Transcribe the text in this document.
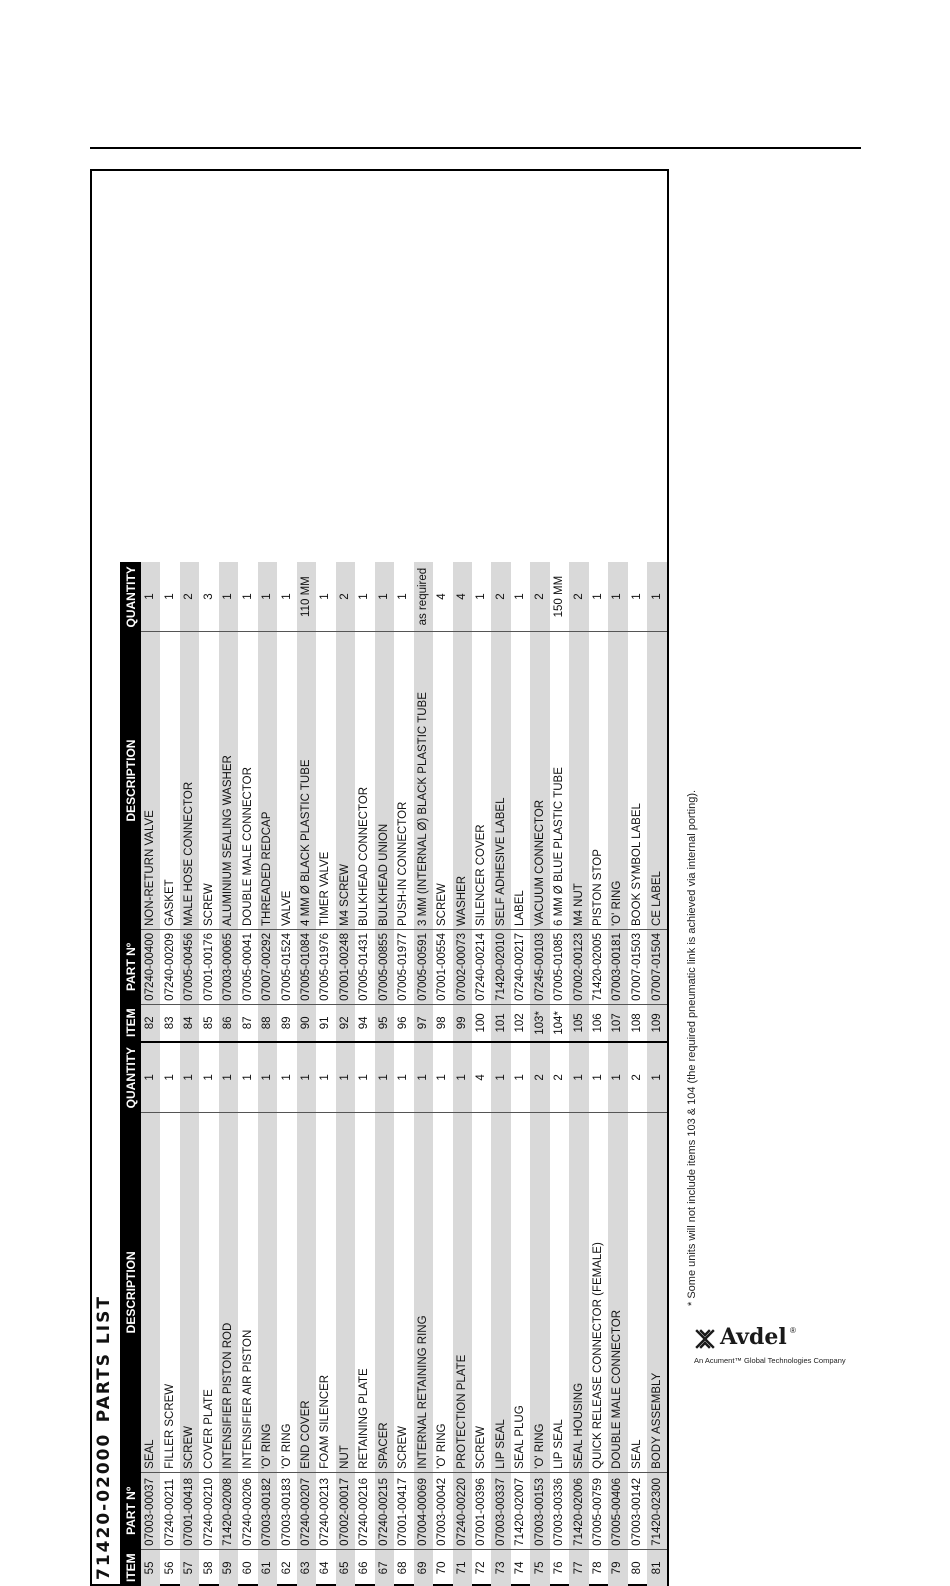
71420-02000 PARTS LIST
ITEM	PART Nº	DESCRIPTION	QUANTITY
55	07003-00037	SEAL	1
56	07240-00211	FILLER SCREW	1
57	07001-00418	SCREW	1
58	07240-00210	COVER PLATE	1
59	71420-02008	INTENSIFIER PISTON ROD	1
60	07240-00206	INTENSIFIER AIR PISTON	1
61	07003-00182	'O' RING	1
62	07003-00183	'O' RING	1
63	07240-00207	END COVER	1
64	07240-00213	FOAM SILENCER	1
65	07002-00017	NUT	1
66	07240-00216	RETAINING PLATE	1
67	07240-00215	SPACER	1
68	07001-00417	SCREW	1
69	07004-00069	INTERNAL RETAINING RING	1
70	07003-00042	'O' RING	1
71	07240-00220	PROTECTION PLATE	1
72	07001-00396	SCREW	4
73	07003-00337	LIP SEAL	1
74	71420-02007	SEAL PLUG	1
75	07003-00153	'O' RING	2
76	07003-00336	LIP SEAL	2
77	71420-02006	SEAL HOUSING	1
78	07005-00759	QUICK RELEASE CONNECTOR (FEMALE)	1
79	07005-00406	DOUBLE MALE CONNECTOR	1
80	07003-00142	SEAL	2
81	71420-02300	BODY ASSEMBLY	1
ITEM	PART Nº	DESCRIPTION	QUANTITY
82	07240-00400	NON-RETURN VALVE	1
83	07240-00209	GASKET	1
84	07005-00456	MALE HOSE CONNECTOR	2
85	07001-00176	SCREW	3
86	07003-00065	ALUMINIUM SEALING WASHER	1
87	07005-00041	DOUBLE MALE CONNECTOR	1
88	07007-00292	THREADED REDCAP	1
89	07005-01524	VALVE	1
90	07005-01084	4 MM Ø BLACK PLASTIC TUBE	110 MM
91	07005-01976	TIMER VALVE	1
92	07001-00248	M4 SCREW	2
94	07005-01431	BULKHEAD CONNECTOR	1
95	07005-00855	BULKHEAD UNION	1
96	07005-01977	PUSH-IN CONNECTOR	1
97	07005-00591	3 MM (INTERNAL Ø) BLACK PLASTIC TUBE	as required
98	07001-00554	SCREW	4
99	07002-00073	WASHER	4
100	07240-00214	SILENCER COVER	1
101	71420-02010	SELF ADHESIVE LABEL	2
102	07240-00217	LABEL	1
103*	07245-00103	VACUUM CONNECTOR	2
104*	07005-01085	6 MM Ø BLUE PLASTIC TUBE	150 MM
105	07002-00123	M4 NUT	2
106	71420-02005	PISTON STOP	1
107	07003-00181	'O' RING	1
108	07007-01503	BOOK SYMBOL LABEL	1
109	07007-01504	CE LABEL	1
* Some units will not include items 103 & 104 (the required pneumatic link is achieved via internal porting).
Avdel ®
An Acument™ Global Technologies Company
